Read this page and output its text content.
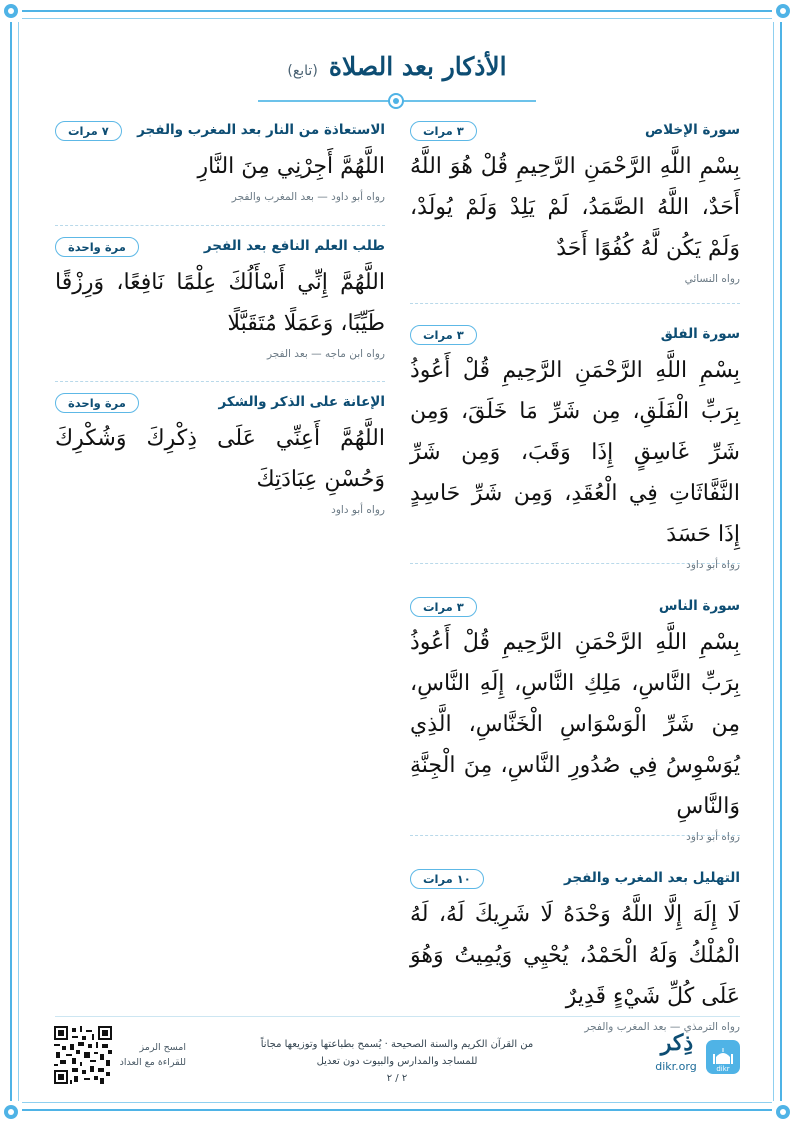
الأذكار بعد الصلاة (تابع)
سورة الإخلاص
٣ مرات
بِسْمِ اللَّهِ الرَّحْمَنِ الرَّحِيمِ قُلْ هُوَ اللَّهُ أَحَدٌ، اللَّهُ الصَّمَدُ، لَمْ يَلِدْ وَلَمْ يُولَدْ، وَلَمْ يَكُن لَّهُ كُفُوًا أَحَدٌ
رواه النسائي
سورة الفلق
٣ مرات
بِسْمِ اللَّهِ الرَّحْمَنِ الرَّحِيمِ قُلْ أَعُوذُ بِرَبِّ الْفَلَقِ، مِن شَرِّ مَا خَلَقَ، وَمِن شَرِّ غَاسِقٍ إِذَا وَقَبَ، وَمِن شَرِّ النَّفَّاثَاتِ فِي الْعُقَدِ، وَمِن شَرِّ حَاسِدٍ إِذَا حَسَدَ
رواه أبو داود
سورة الناس
٣ مرات
بِسْمِ اللَّهِ الرَّحْمَنِ الرَّحِيمِ قُلْ أَعُوذُ بِرَبِّ النَّاسِ، مَلِكِ النَّاسِ، إِلَهِ النَّاسِ، مِن شَرِّ الْوَسْوَاسِ الْخَنَّاسِ، الَّذِي يُوَسْوِسُ فِي صُدُورِ النَّاسِ، مِنَ الْجِنَّةِ وَالنَّاسِ
رواه أبو داود
التهليل بعد المغرب والفجر
١٠ مرات
لَا إِلَهَ إِلَّا اللَّهُ وَحْدَهُ لَا شَرِيكَ لَهُ، لَهُ الْمُلْكُ وَلَهُ الْحَمْدُ، يُحْيِي وَيُمِيتُ وَهُوَ عَلَى كُلِّ شَيْءٍ قَدِيرٌ
رواه الترمذي — بعد المغرب والفجر
الاستعاذة من النار بعد المغرب والفجر
٧ مرات
اللَّهُمَّ أَجِرْنِي مِنَ النَّارِ
رواه أبو داود — بعد المغرب والفجر
طلب العلم النافع بعد الفجر
مرة واحدة
اللَّهُمَّ إِنِّي أَسْأَلُكَ عِلْمًا نَافِعًا، وَرِزْقًا طَيِّبًا، وَعَمَلًا مُتَقَبَّلًا
رواه ابن ماجه — بعد الفجر
الإعانة على الذكر والشكر
مرة واحدة
اللَّهُمَّ أَعِنِّي عَلَى ذِكْرِكَ وَشُكْرِكَ وَحُسْنِ عِبَادَتِكَ
رواه أبو داود
امسح الرمز
للقراءة مع العداد
من القرآن الكريم والسنة الصحيحة · يُسمح بطباعتها وتوزيعها مجاناً
للمساجد والمدارس والبيوت دون تعديل
٢ / ٢
ذِكر
dikr.org	dikr
